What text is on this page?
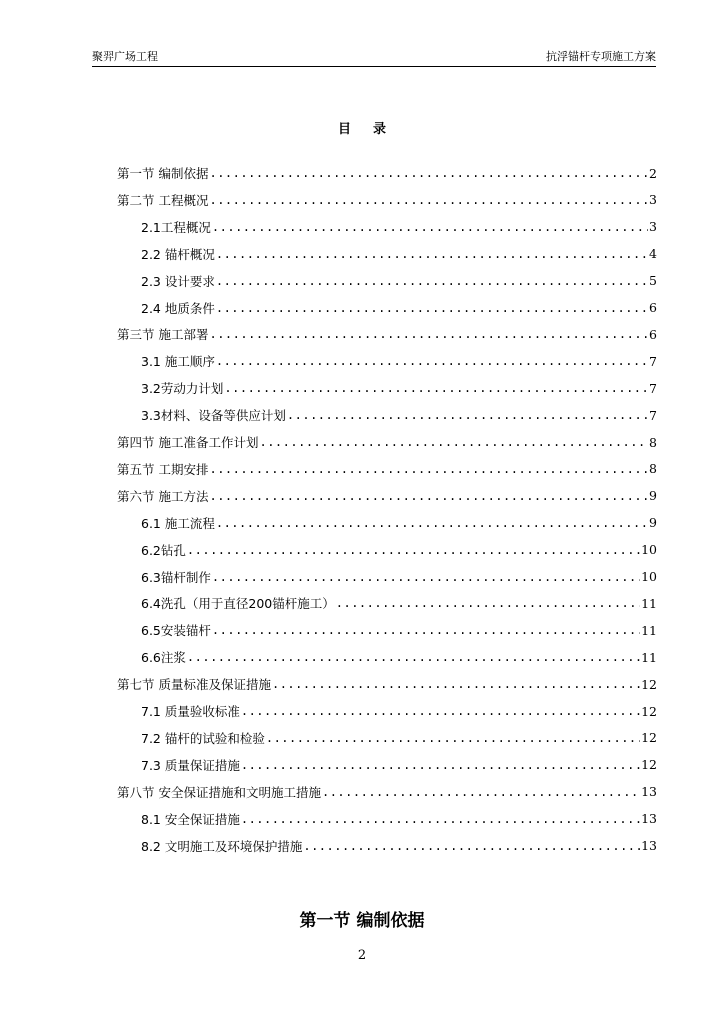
聚羿广场工程	抗浮锚杆专项施工方案
目录
第一节 编制依据 .....	2
第二节 工程概况 .....	3
2.1工程概况 .....	3
2.2 锚杆概况 .....	4
2.3 设计要求 .....	5
2.4 地质条件 .....	6
第三节 施工部署 .....	6
3.1 施工顺序 .....	7
3.2劳动力计划 .....	7
3.3材料、设备等供应计划 .....	7
第四节 施工准备工作计划 .....	8
第五节 工期安排 .....	8
第六节 施工方法 .....	9
6.1 施工流程 .....	9
6.2钻孔 .....	10
6.3锚杆制作 .....	10
6.4洗孔（用于直径200锚杆施工） .....	11
6.5安装锚杆 .....	11
6.6注浆 .....	11
第七节 质量标准及保证措施 .....	12
7.1 质量验收标准 .....	12
7.2 锚杆的试验和检验 .....	12
7.3 质量保证措施 .....	12
第八节 安全保证措施和文明施工措施 .....	13
8.1 安全保证措施 .....	13
8.2 文明施工及环境保护措施 .....	13
第一节 编制依据
2
